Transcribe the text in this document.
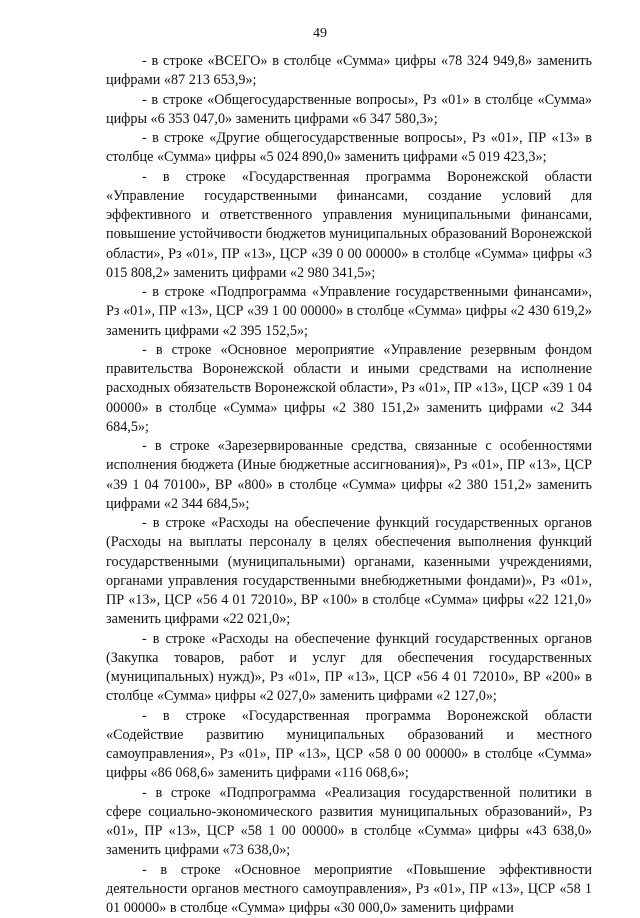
49

- в строке «ВСЕГО» в столбце «Сумма» цифры «78 324 949,8» заменить цифрами «87 213 653,9»;

- в строке «Общегосударственные вопросы», Рз «01» в столбце «Сумма» цифры «6 353 047,0» заменить цифрами «6 347 580,3»;

- в строке «Другие общегосударственные вопросы», Рз «01», ПР «13» в столбце «Сумма» цифры «5 024 890,0» заменить цифрами «5 019 423,3»;

- в строке «Государственная программа Воронежской области «Управление государственными финансами, создание условий для эффективного и ответственного управления муниципальными финансами, повышение устойчивости бюджетов муниципальных образований Воронежской области», Рз «01», ПР «13», ЦСР «39 0 00 00000» в столбце «Сумма» цифры «3 015 808,2» заменить цифрами «2 980 341,5»;

- в строке «Подпрограмма «Управление государственными финансами», Рз «01», ПР «13», ЦСР «39 1 00 00000» в столбце «Сумма» цифры «2 430 619,2» заменить цифрами «2 395 152,5»;

- в строке «Основное мероприятие «Управление резервным фондом правительства Воронежской области и иными средствами на исполнение расходных обязательств Воронежской области», Рз «01», ПР «13», ЦСР «39 1 04 00000» в столбце «Сумма» цифры «2 380 151,2» заменить цифрами «2 344 684,5»;

- в строке «Зарезервированные средства, связанные с особенностями исполнения бюджета (Иные бюджетные ассигнования)», Рз «01», ПР «13», ЦСР «39 1 04 70100», ВР «800» в столбце «Сумма» цифры «2 380 151,2» заменить цифрами «2 344 684,5»;

- в строке «Расходы на обеспечение функций государственных органов (Расходы на выплаты персоналу в целях обеспечения выполнения функций государственными (муниципальными) органами, казенными учреждениями, органами управления государственными внебюджетными фондами)», Рз «01», ПР «13», ЦСР «56 4 01 72010», ВР «100» в столбце «Сумма» цифры «22 121,0» заменить цифрами «22 021,0»;

- в строке «Расходы на обеспечение функций государственных органов (Закупка товаров, работ и услуг для обеспечения государственных (муниципальных) нужд)», Рз «01», ПР «13», ЦСР «56 4 01 72010», ВР «200» в столбце «Сумма» цифры «2 027,0» заменить цифрами «2 127,0»;

- в строке «Государственная программа Воронежской области «Содействие развитию муниципальных образований и местного самоуправления», Рз «01», ПР «13», ЦСР «58 0 00 00000» в столбце «Сумма» цифры «86 068,6» заменить цифрами «116 068,6»;

- в строке «Подпрограмма «Реализация государственной политики в сфере социально-экономического развития муниципальных образований», Рз «01», ПР «13», ЦСР «58 1 00 00000» в столбце «Сумма» цифры «43 638,0» заменить цифрами «73 638,0»;

- в строке «Основное мероприятие «Повышение эффективности деятельности органов местного самоуправления», Рз «01», ПР «13», ЦСР «58 1 01 00000» в столбце «Сумма» цифры «30 000,0» заменить цифрами
